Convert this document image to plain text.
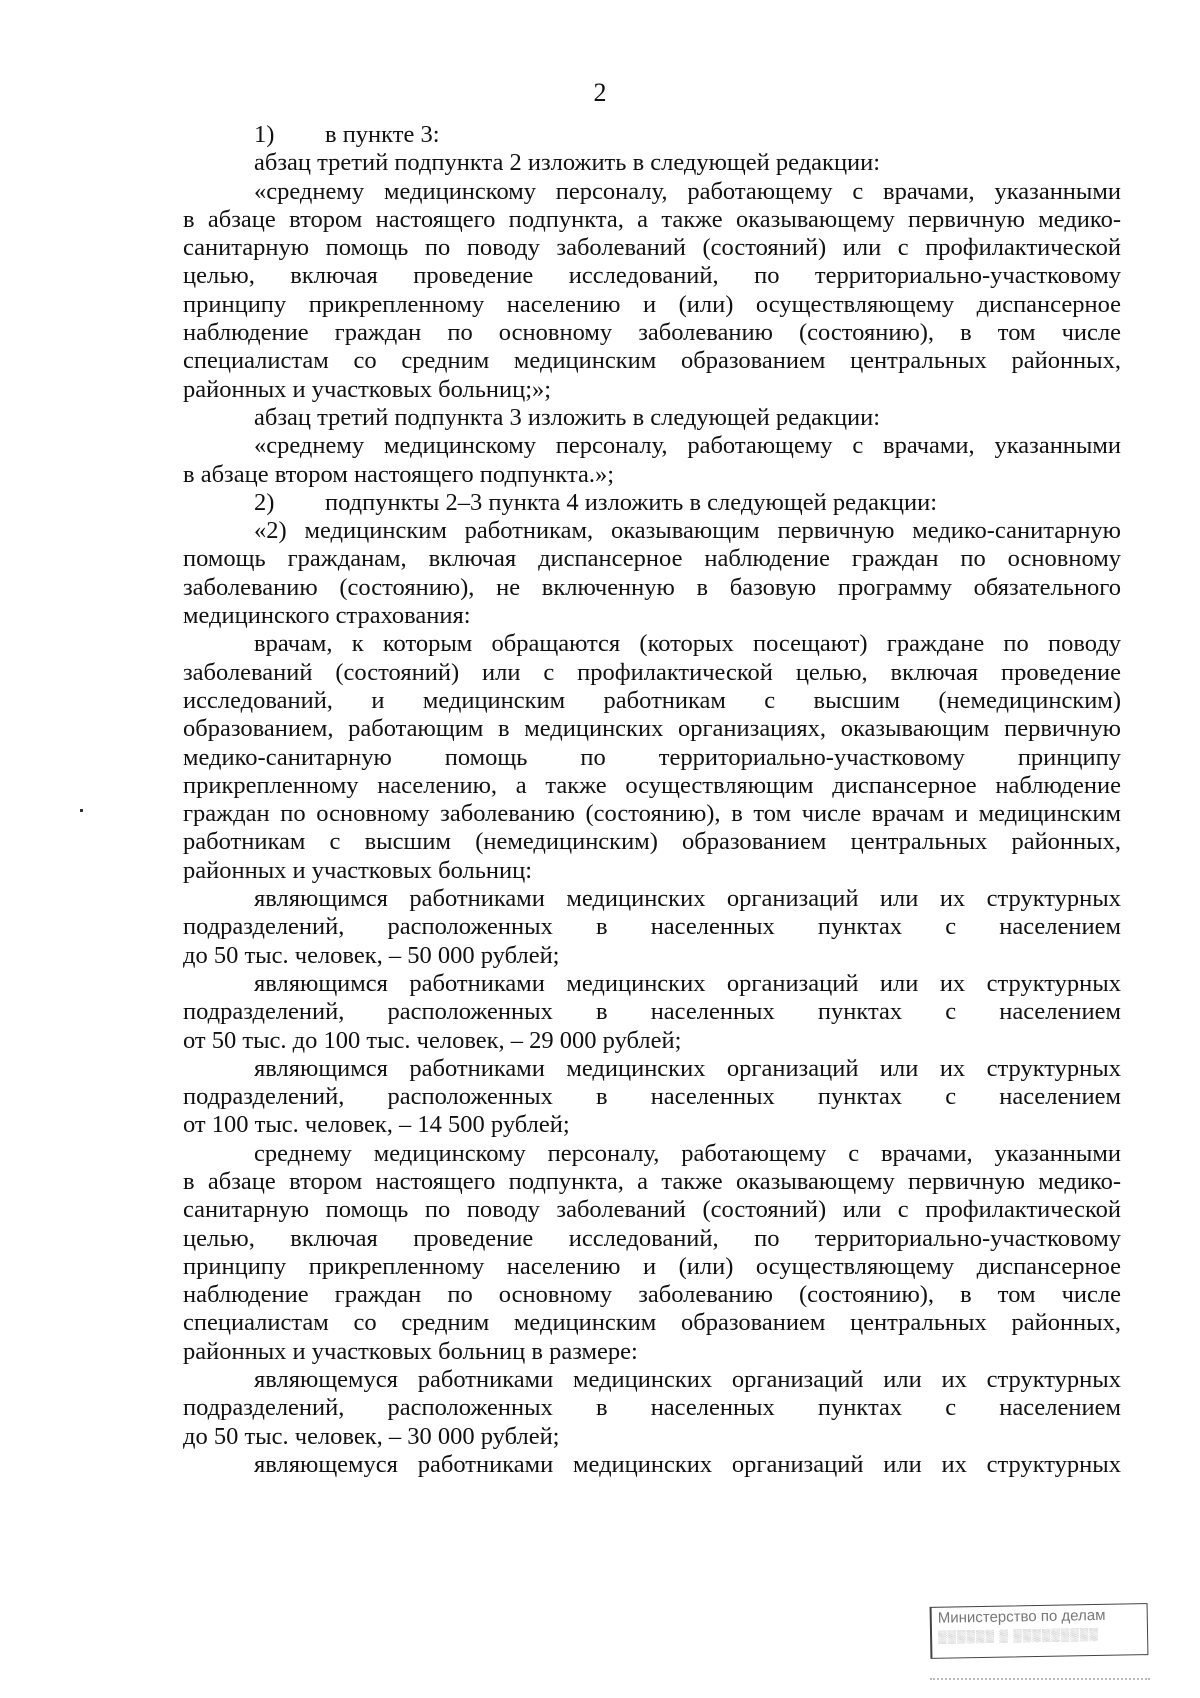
2
1) в пункте 3:
абзац третий подпункта 2 изложить в следующей редакции:
«среднему медицинскому персоналу, работающему с врачами, указанными
в абзаце втором настоящего подпункта, а также оказывающему первичную медико-
санитарную помощь по поводу заболеваний (состояний) или с профилактической
целью, включая проведение исследований, по территориально-участковому
принципу прикрепленному населению и (или) осуществляющему диспансерное
наблюдение граждан по основному заболеванию (состоянию), в том числе
специалистам со средним медицинским образованием центральных районных,
районных и участковых больниц;»;
абзац третий подпункта 3 изложить в следующей редакции:
«среднему медицинскому персоналу, работающему с врачами, указанными
в абзаце втором настоящего подпункта.»;
2) подпункты 2–3 пункта 4 изложить в следующей редакции:
«2) медицинским работникам, оказывающим первичную медико-санитарную
помощь гражданам, включая диспансерное наблюдение граждан по основному
заболеванию (состоянию), не включенную в базовую программу обязательного
медицинского страхования:
врачам, к которым обращаются (которых посещают) граждане по поводу
заболеваний (состояний) или с профилактической целью, включая проведение
исследований, и медицинским работникам с высшим (немедицинским)
образованием, работающим в медицинских организациях, оказывающим первичную
медико-санитарную помощь по территориально-участковому принципу
прикрепленному населению, а также осуществляющим диспансерное наблюдение
граждан по основному заболеванию (состоянию), в том числе врачам и медицинским
работникам с высшим (немедицинским) образованием центральных районных,
районных и участковых больниц:
являющимся работниками медицинских организаций или их структурных
подразделений, расположенных в населенных пунктах с населением
до 50 тыс. человек, – 50 000 рублей;
являющимся работниками медицинских организаций или их структурных
подразделений, расположенных в населенных пунктах с населением
от 50 тыс. до 100 тыс. человек, – 29 000 рублей;
являющимся работниками медицинских организаций или их структурных
подразделений, расположенных в населенных пунктах с населением
от 100 тыс. человек, – 14 500 рублей;
среднему медицинскому персоналу, работающему с врачами, указанными
в абзаце втором настоящего подпункта, а также оказывающему первичную медико-
санитарную помощь по поводу заболеваний (состояний) или с профилактической
целью, включая проведение исследований, по территориально-участковому
принципу прикрепленному населению и (или) осуществляющему диспансерное
наблюдение граждан по основному заболеванию (состоянию), в том числе
специалистам со средним медицинским образованием центральных районных,
районных и участковых больниц в размере:
являющемуся работниками медицинских организаций или их структурных
подразделений, расположенных в населенных пунктах с населением
до 50 тыс. человек, – 30 000 рублей;
являющемуся работниками медицинских организаций или их структурных
Министерство по делам
▒▒▒▒▒▒ ▒ ▒▒▒▒▒▒▒▒▒
